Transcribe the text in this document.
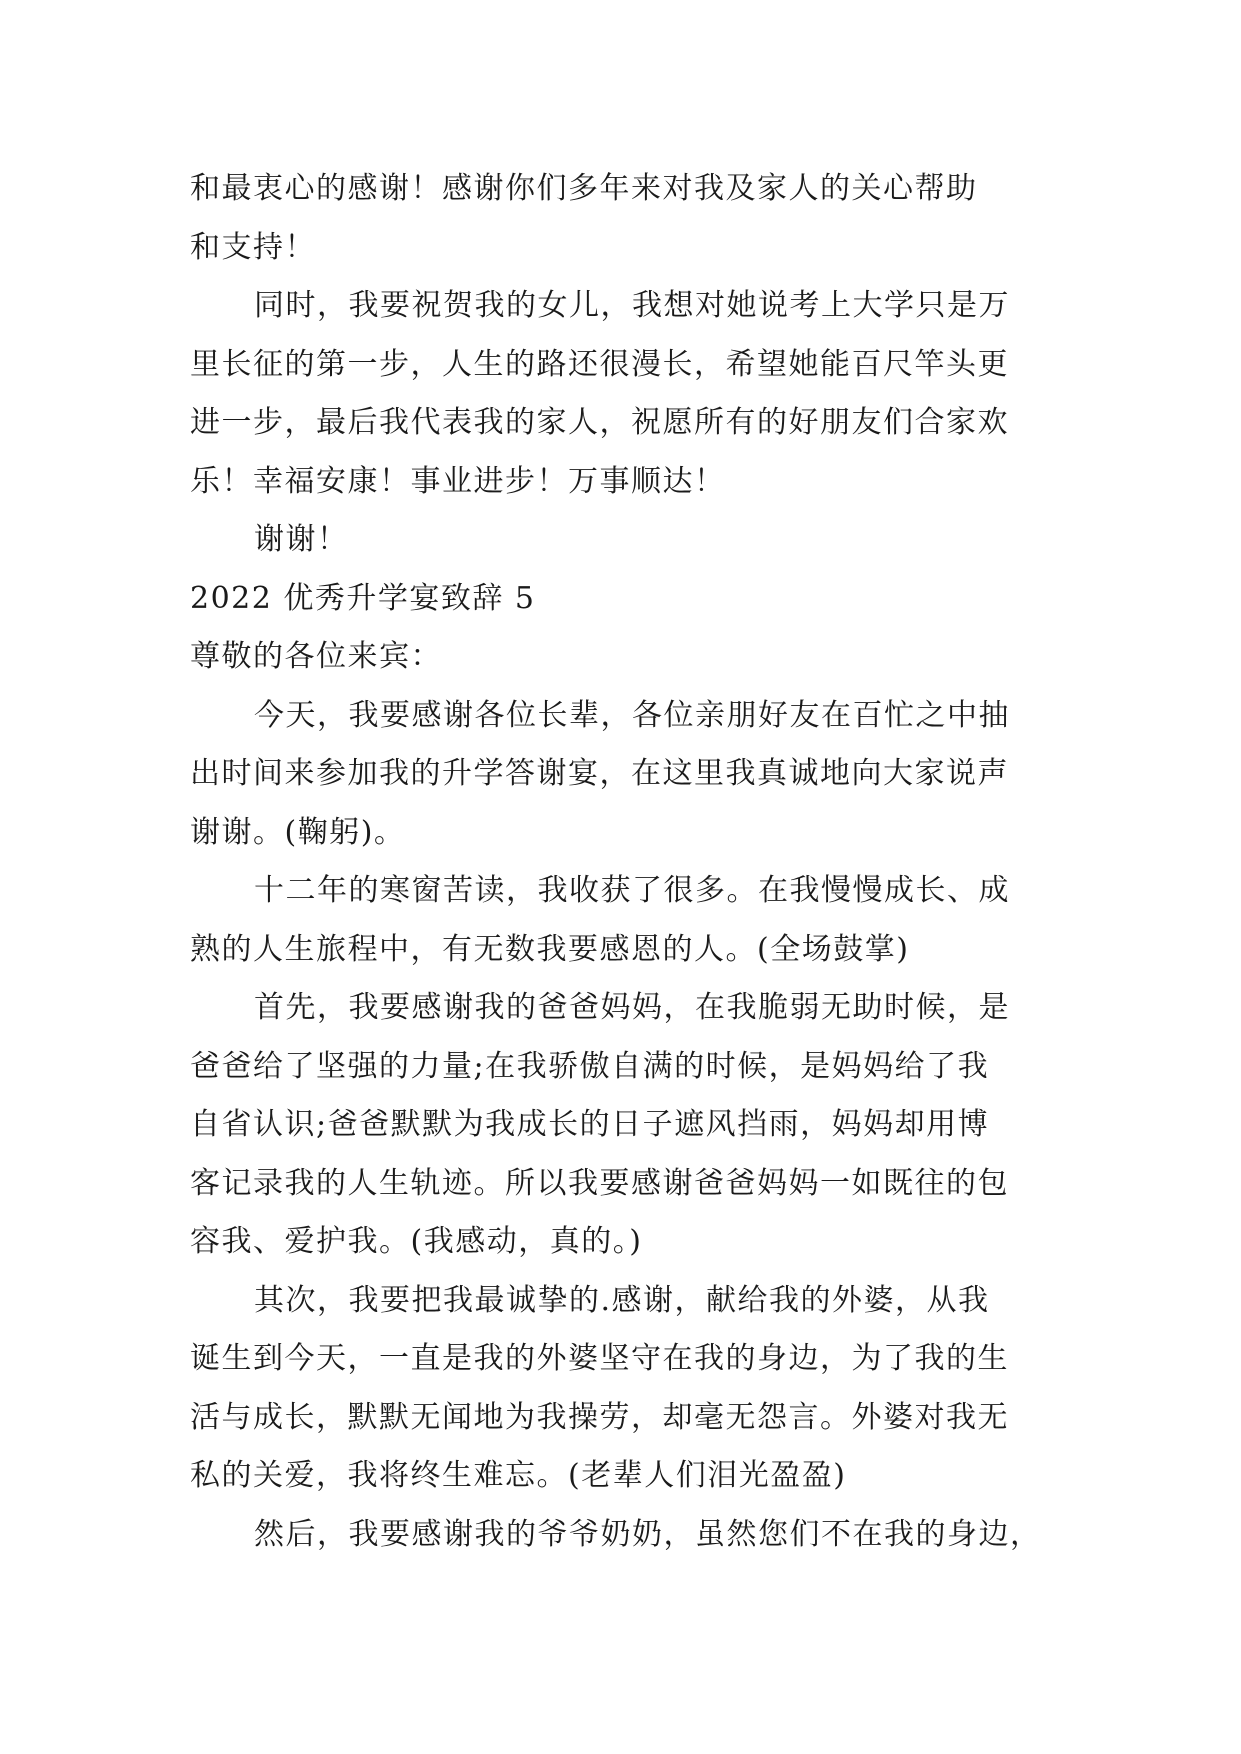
和最衷心的感谢！感谢你们多年来对我及家人的关心帮助
和支持！
同时，我要祝贺我的女儿，我想对她说考上大学只是万
里长征的第一步，人生的路还很漫长，希望她能百尺竿头更
进一步，最后我代表我的家人，祝愿所有的好朋友们合家欢
乐！幸福安康！事业进步！万事顺达！
谢谢！
2022 优秀升学宴致辞 5
尊敬的各位来宾：
今天，我要感谢各位长辈，各位亲朋好友在百忙之中抽
出时间来参加我的升学答谢宴，在这里我真诚地向大家说声
谢谢。(鞠躬)。
十二年的寒窗苦读，我收获了很多。在我慢慢成长、成
熟的人生旅程中，有无数我要感恩的人。(全场鼓掌)
首先，我要感谢我的爸爸妈妈，在我脆弱无助时候，是
爸爸给了坚强的力量;在我骄傲自满的时候，是妈妈给了我
自省认识;爸爸默默为我成长的日子遮风挡雨，妈妈却用博
客记录我的人生轨迹。所以我要感谢爸爸妈妈一如既往的包
容我、爱护我。(我感动，真的。)
其次，我要把我最诚挚的.感谢，献给我的外婆，从我
诞生到今天，一直是我的外婆坚守在我的身边，为了我的生
活与成长，默默无闻地为我操劳，却毫无怨言。外婆对我无
私的关爱，我将终生难忘。(老辈人们泪光盈盈)
然后，我要感谢我的爷爷奶奶，虽然您们不在我的身边，
